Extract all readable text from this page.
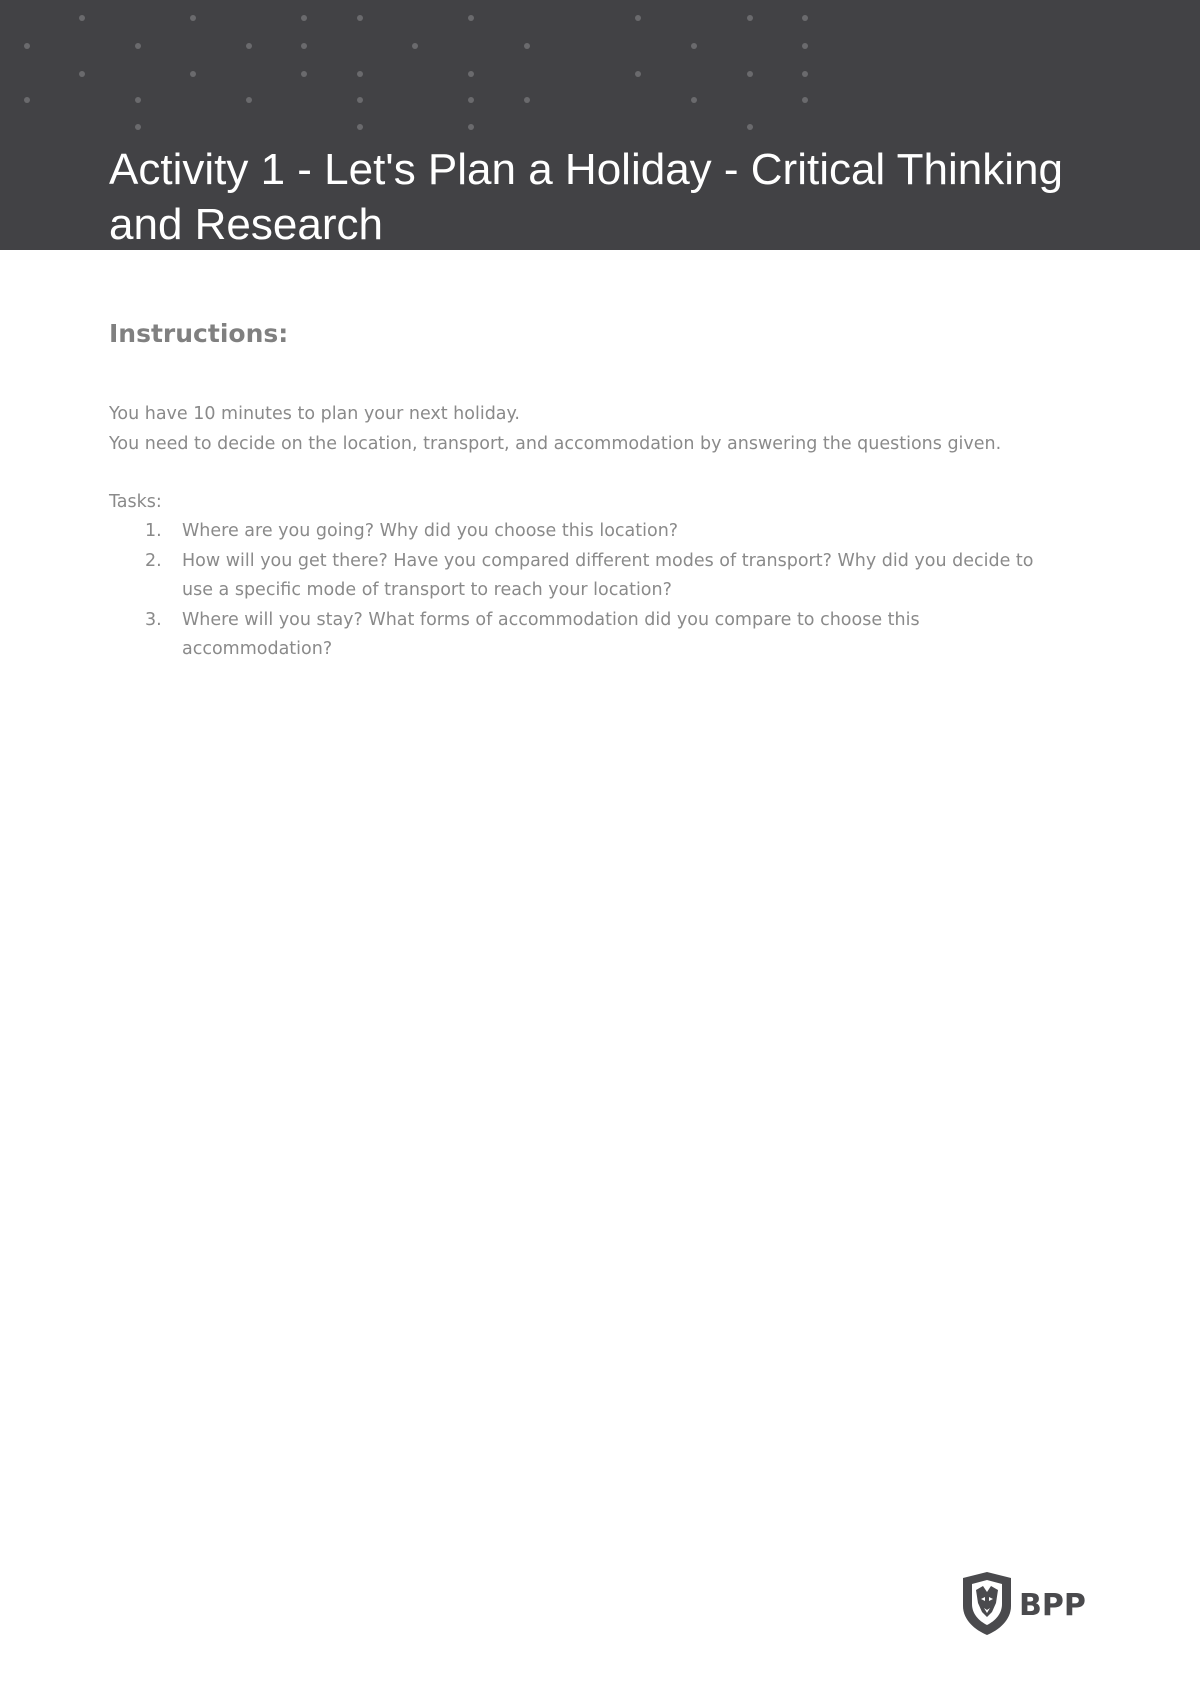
Activity 1 - Let's Plan a Holiday - Critical Thinking and Research
Instructions:

You have 10 minutes to plan your next holiday.

You need to decide on the location, transport, and accommodation by answering the questions given.

Tasks:

1. Where are you going? Why did you choose this location?
2. How will you get there? Have you compared different modes of transport? Why did you decide to use a specific mode of transport to reach your location?
3. Where will you stay? What forms of accommodation did you compare to choose this accommodation?
BPP
